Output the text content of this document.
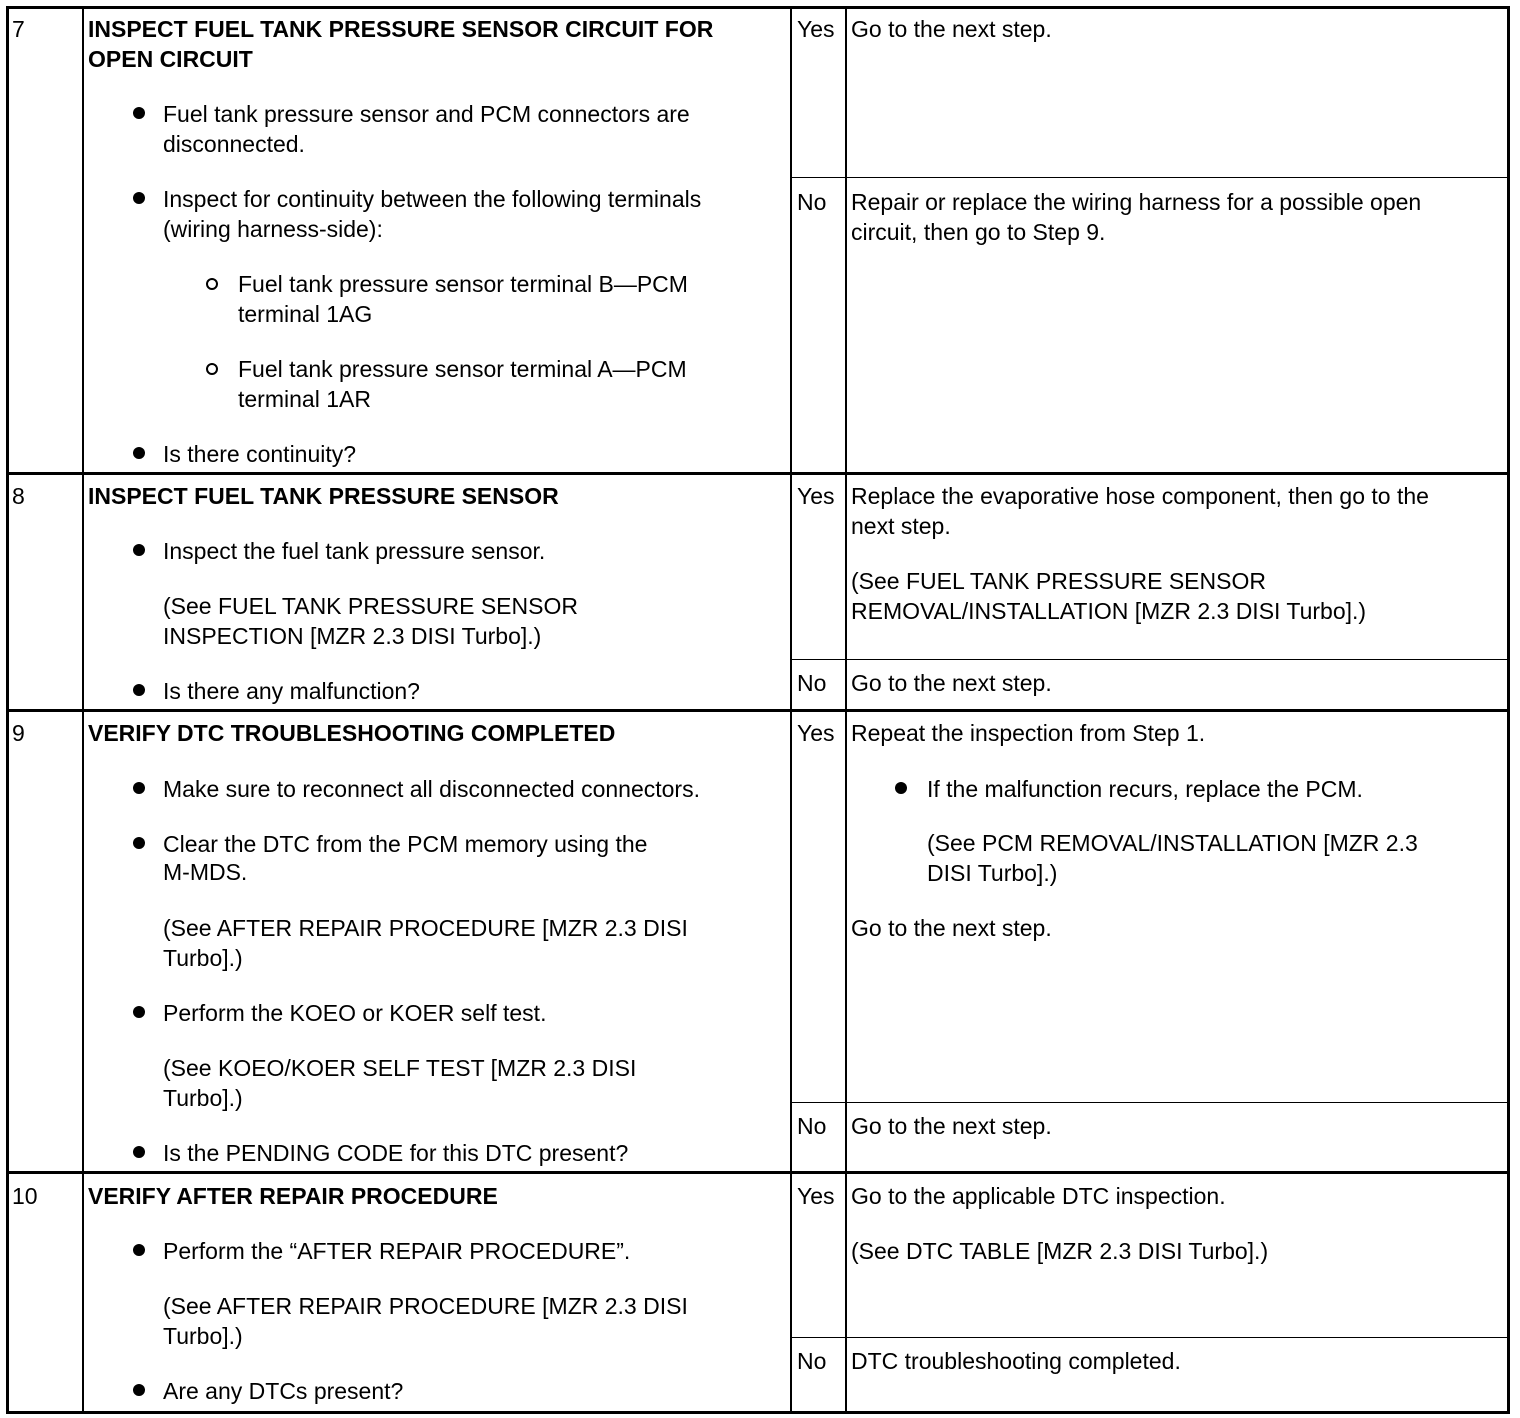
7	INSPECT FUEL TANK PRESSURE SENSOR CIRCUIT FOR
OPEN CIRCUIT
Fuel tank pressure sensor and PCM connectors are
disconnected.
Inspect for continuity between the following terminals
(wiring harness-side):
Fuel tank pressure sensor terminal B—PCM
terminal 1AG
Fuel tank pressure sensor terminal A—PCM
terminal 1AR
Is there continuity?
Yes Go to the next step.
No Repair or replace the wiring harness for a possible open
circuit, then go to Step 9.
8	INSPECT FUEL TANK PRESSURE SENSOR
Inspect the fuel tank pressure sensor.
(See FUEL TANK PRESSURE SENSOR
INSPECTION [MZR 2.3 DISI Turbo].)
Is there any malfunction?
Yes Replace the evaporative hose component, then go to the
next step.
(See FUEL TANK PRESSURE SENSOR
REMOVAL/INSTALLATION [MZR 2.3 DISI Turbo].)
No Go to the next step.
9	VERIFY DTC TROUBLESHOOTING COMPLETED
Make sure to reconnect all disconnected connectors.
Clear the DTC from the PCM memory using the
M-MDS.
(See AFTER REPAIR PROCEDURE [MZR 2.3 DISI
Turbo].)
Perform the KOEO or KOER self test.
(See KOEO/KOER SELF TEST [MZR 2.3 DISI
Turbo].)
Is the PENDING CODE for this DTC present?
Yes Repeat the inspection from Step 1.
If the malfunction recurs, replace the PCM.
(See PCM REMOVAL/INSTALLATION [MZR 2.3
DISI Turbo].)
Go to the next step.
No Go to the next step.
10 VERIFY AFTER REPAIR PROCEDURE
Perform the “AFTER REPAIR PROCEDURE”.
(See AFTER REPAIR PROCEDURE [MZR 2.3 DISI
Turbo].)
Are any DTCs present?
Yes Go to the applicable DTC inspection.
(See DTC TABLE [MZR 2.3 DISI Turbo].)
No DTC troubleshooting completed.
